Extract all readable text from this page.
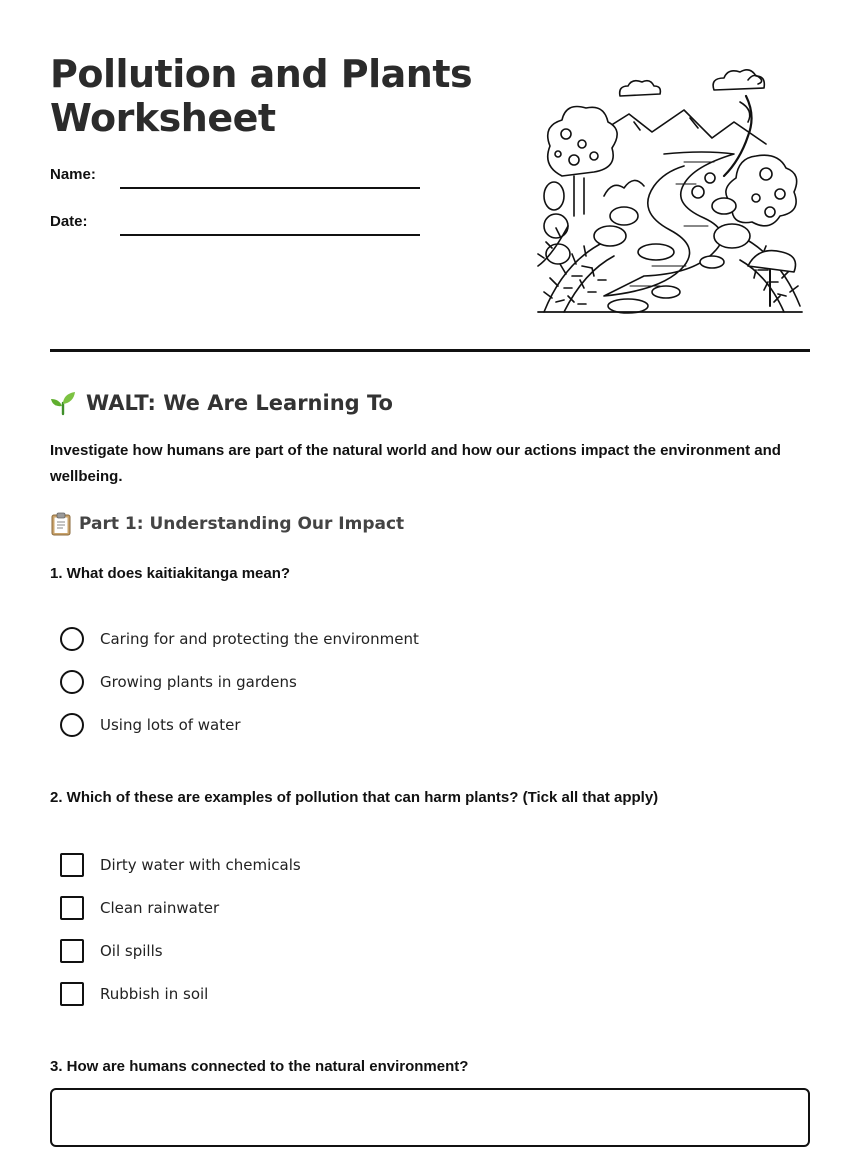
Pollution and Plants
Worksheet
Name:
Date:
WALT: We Are Learning To

Investigate how humans are part of the natural world and how our actions impact the environment and wellbeing.

Part 1: Understanding Our Impact

1. What does kaitiakitanga mean?

Caring for and protecting the environment
Growing plants in gardens
Using lots of water

2. Which of these are examples of pollution that can harm plants? (Tick all that apply)

Dirty water with chemicals
Clean rainwater
Oil spills
Rubbish in soil

3. How are humans connected to the natural environment?
